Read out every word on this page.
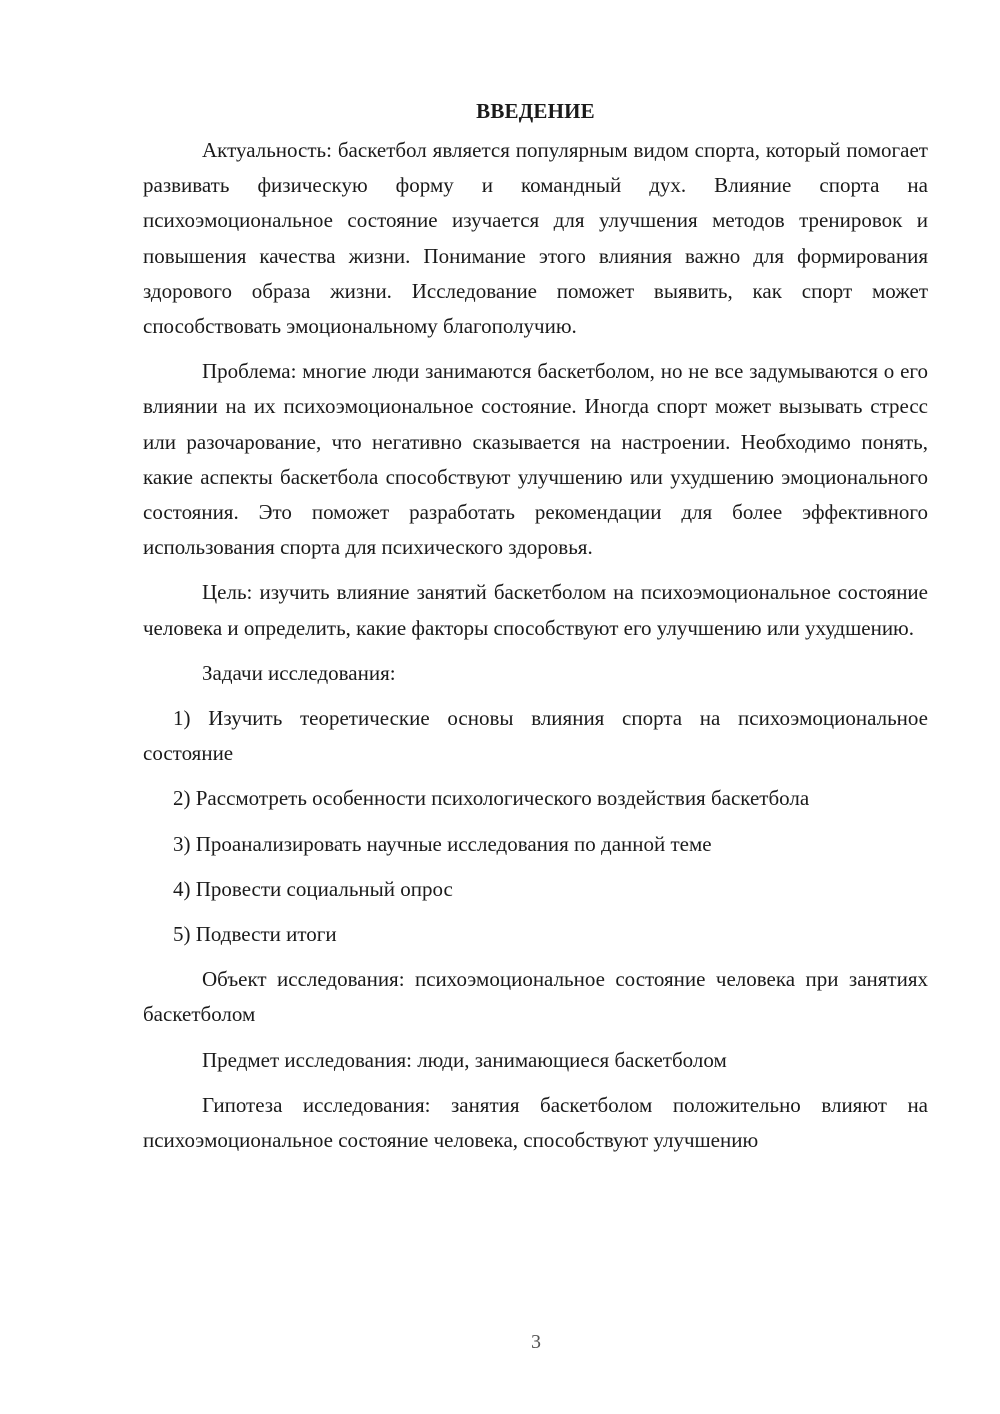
ВВЕДЕНИЕ

Актуальность: баскетбол является популярным видом спорта, который помогает развивать физическую форму и командный дух. Влияние спорта на психоэмоциональное состояние изучается для улучшения методов тренировок и повышения качества жизни. Понимание этого влияния важно для формирования здорового образа жизни. Исследование поможет выявить, как спорт может способствовать эмоциональному благополучию.

Проблема: многие люди занимаются баскетболом, но не все задумываются о его влиянии на их психоэмоциональное состояние. Иногда спорт может вызывать стресс или разочарование, что негативно сказывается на настроении. Необходимо понять, какие аспекты баскетбола способствуют улучшению или ухудшению эмоционального состояния. Это поможет разработать рекомендации для более эффективного использования спорта для психического здоровья.

Цель: изучить влияние занятий баскетболом на психоэмоциональное состояние человека и определить, какие факторы способствуют его улучшению или ухудшению.

Задачи исследования:

1) Изучить теоретические основы влияния спорта на психоэмоциональное состояние

2) Рассмотреть особенности психологического воздействия баскетбола

3) Проанализировать научные исследования по данной теме

4) Провести социальный опрос

5) Подвести итоги

Объект исследования: психоэмоциональное состояние человека при занятиях баскетболом

Предмет исследования: люди, занимающиеся баскетболом

Гипотеза исследования: занятия баскетболом положительно влияют на психоэмоциональное состояние человека, способствуют улучшению

3
